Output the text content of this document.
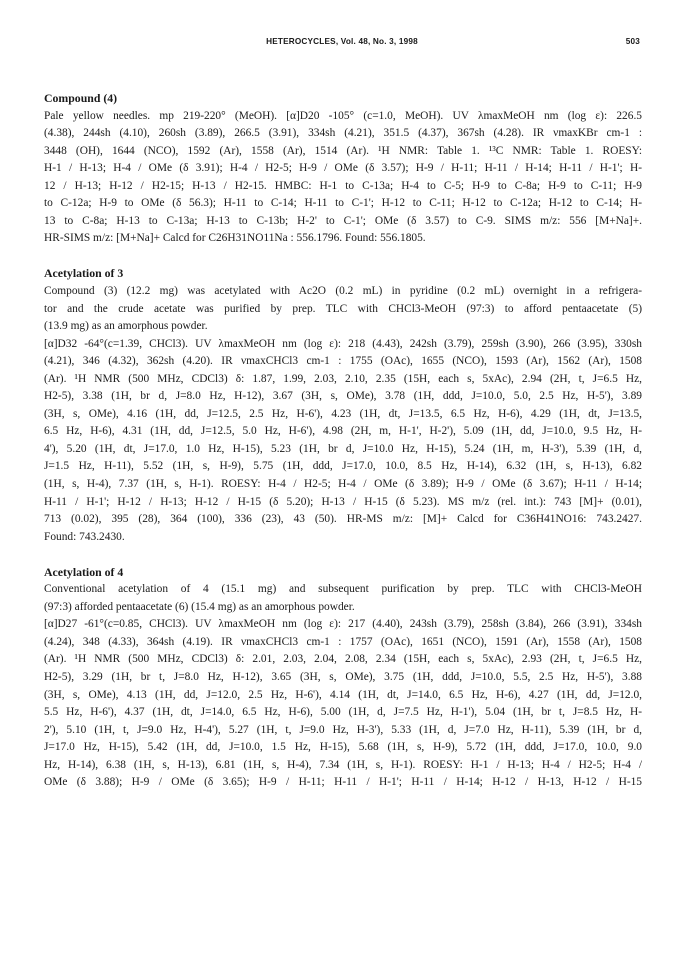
HETEROCYCLES, Vol. 48, No. 3, 1998	503
Compound (4)
Pale yellow needles. mp 219-220° (MeOH). [α]D20 -105° (c=1.0, MeOH). UV λmaxMeOH nm (log ε): 226.5
(4.38), 244sh (4.10), 260sh (3.89), 266.5 (3.91), 334sh (4.21), 351.5 (4.37), 367sh (4.28). IR νmaxKBr cm-1 :
3448 (OH), 1644 (NCO), 1592 (Ar), 1558 (Ar), 1514 (Ar). ¹H NMR: Table 1. ¹³C NMR: Table 1. ROESY:
H-1 / H-13; H-4 / OMe (δ 3.91); H-4 / H2-5; H-9 / OMe (δ 3.57); H-9 / H-11; H-11 / H-14; H-11 / H-1'; H-
12 / H-13; H-12 / H2-15; H-13 / H2-15. HMBC: H-1 to C-13a; H-4 to C-5; H-9 to C-8a; H-9 to C-11; H-9
to C-12a; H-9 to OMe (δ 56.3); H-11 to C-14; H-11 to C-1'; H-12 to C-11; H-12 to C-12a; H-12 to C-14; H-
13 to C-8a; H-13 to C-13a; H-13 to C-13b; H-2' to C-1'; OMe (δ 3.57) to C-9. SIMS m/z: 556 [M+Na]+.
HR-SIMS m/z: [M+Na]+ Calcd for C26H31NO11Na : 556.1796. Found: 556.1805.
Acetylation of 3
Compound (3) (12.2 mg) was acetylated with Ac2O (0.2 mL) in pyridine (0.2 mL) overnight in a refrigera-
tor and the crude acetate was purified by prep. TLC with CHCl3-MeOH (97:3) to afford pentaacetate (5)
(13.9 mg) as an amorphous powder.
[α]D32 -64°(c=1.39, CHCl3). UV λmaxMeOH nm (log ε): 218 (4.43), 242sh (3.79), 259sh (3.90), 266 (3.95), 330sh
(4.21), 346 (4.32), 362sh (4.20). IR νmaxCHCl3 cm-1 : 1755 (OAc), 1655 (NCO), 1593 (Ar), 1562 (Ar), 1508
(Ar). ¹H NMR (500 MHz, CDCl3) δ: 1.87, 1.99, 2.03, 2.10, 2.35 (15H, each s, 5xAc), 2.94 (2H, t, J=6.5 Hz,
H2-5), 3.38 (1H, br d, J=8.0 Hz, H-12), 3.67 (3H, s, OMe), 3.78 (1H, ddd, J=10.0, 5.0, 2.5 Hz, H-5'), 3.89
(3H, s, OMe), 4.16 (1H, dd, J=12.5, 2.5 Hz, H-6'), 4.23 (1H, dt, J=13.5, 6.5 Hz, H-6), 4.29 (1H, dt, J=13.5,
6.5 Hz, H-6), 4.31 (1H, dd, J=12.5, 5.0 Hz, H-6'), 4.98 (2H, m, H-1', H-2'), 5.09 (1H, dd, J=10.0, 9.5 Hz, H-
4'), 5.20 (1H, dt, J=17.0, 1.0 Hz, H-15), 5.23 (1H, br d, J=10.0 Hz, H-15), 5.24 (1H, m, H-3'), 5.39 (1H, d,
J=1.5 Hz, H-11), 5.52 (1H, s, H-9), 5.75 (1H, ddd, J=17.0, 10.0, 8.5 Hz, H-14), 6.32 (1H, s, H-13), 6.82
(1H, s, H-4), 7.37 (1H, s, H-1). ROESY: H-4 / H2-5; H-4 / OMe (δ 3.89); H-9 / OMe (δ 3.67); H-11 / H-14;
H-11 / H-1'; H-12 / H-13; H-12 / H-15 (δ 5.20); H-13 / H-15 (δ 5.23). MS m/z (rel. int.): 743 [M]+ (0.01),
713 (0.02), 395 (28), 364 (100), 336 (23), 43 (50). HR-MS m/z: [M]+ Calcd for C36H41NO16: 743.2427.
Found: 743.2430.
Acetylation of 4
Conventional acetylation of 4 (15.1 mg) and subsequent purification by prep. TLC with CHCl3-MeOH
(97:3) afforded pentaacetate (6) (15.4 mg) as an amorphous powder.
[α]D27 -61°(c=0.85, CHCl3). UV λmaxMeOH nm (log ε): 217 (4.40), 243sh (3.79), 258sh (3.84), 266 (3.91), 334sh
(4.24), 348 (4.33), 364sh (4.19). IR νmaxCHCl3 cm-1 : 1757 (OAc), 1651 (NCO), 1591 (Ar), 1558 (Ar), 1508
(Ar). ¹H NMR (500 MHz, CDCl3) δ: 2.01, 2.03, 2.04, 2.08, 2.34 (15H, each s, 5xAc), 2.93 (2H, t, J=6.5 Hz,
H2-5), 3.29 (1H, br t, J=8.0 Hz, H-12), 3.65 (3H, s, OMe), 3.75 (1H, ddd, J=10.0, 5.5, 2.5 Hz, H-5'), 3.88
(3H, s, OMe), 4.13 (1H, dd, J=12.0, 2.5 Hz, H-6'), 4.14 (1H, dt, J=14.0, 6.5 Hz, H-6), 4.27 (1H, dd, J=12.0,
5.5 Hz, H-6'), 4.37 (1H, dt, J=14.0, 6.5 Hz, H-6), 5.00 (1H, d, J=7.5 Hz, H-1'), 5.04 (1H, br t, J=8.5 Hz, H-
2'), 5.10 (1H, t, J=9.0 Hz, H-4'), 5.27 (1H, t, J=9.0 Hz, H-3'), 5.33 (1H, d, J=7.0 Hz, H-11), 5.39 (1H, br d,
J=17.0 Hz, H-15), 5.42 (1H, dd, J=10.0, 1.5 Hz, H-15), 5.68 (1H, s, H-9), 5.72 (1H, ddd, J=17.0, 10.0, 9.0
Hz, H-14), 6.38 (1H, s, H-13), 6.81 (1H, s, H-4), 7.34 (1H, s, H-1). ROESY: H-1 / H-13; H-4 / H2-5; H-4 /
OMe (δ 3.88); H-9 / OMe (δ 3.65); H-9 / H-11; H-11 / H-1'; H-11 / H-14; H-12 / H-13, H-12 / H-15
